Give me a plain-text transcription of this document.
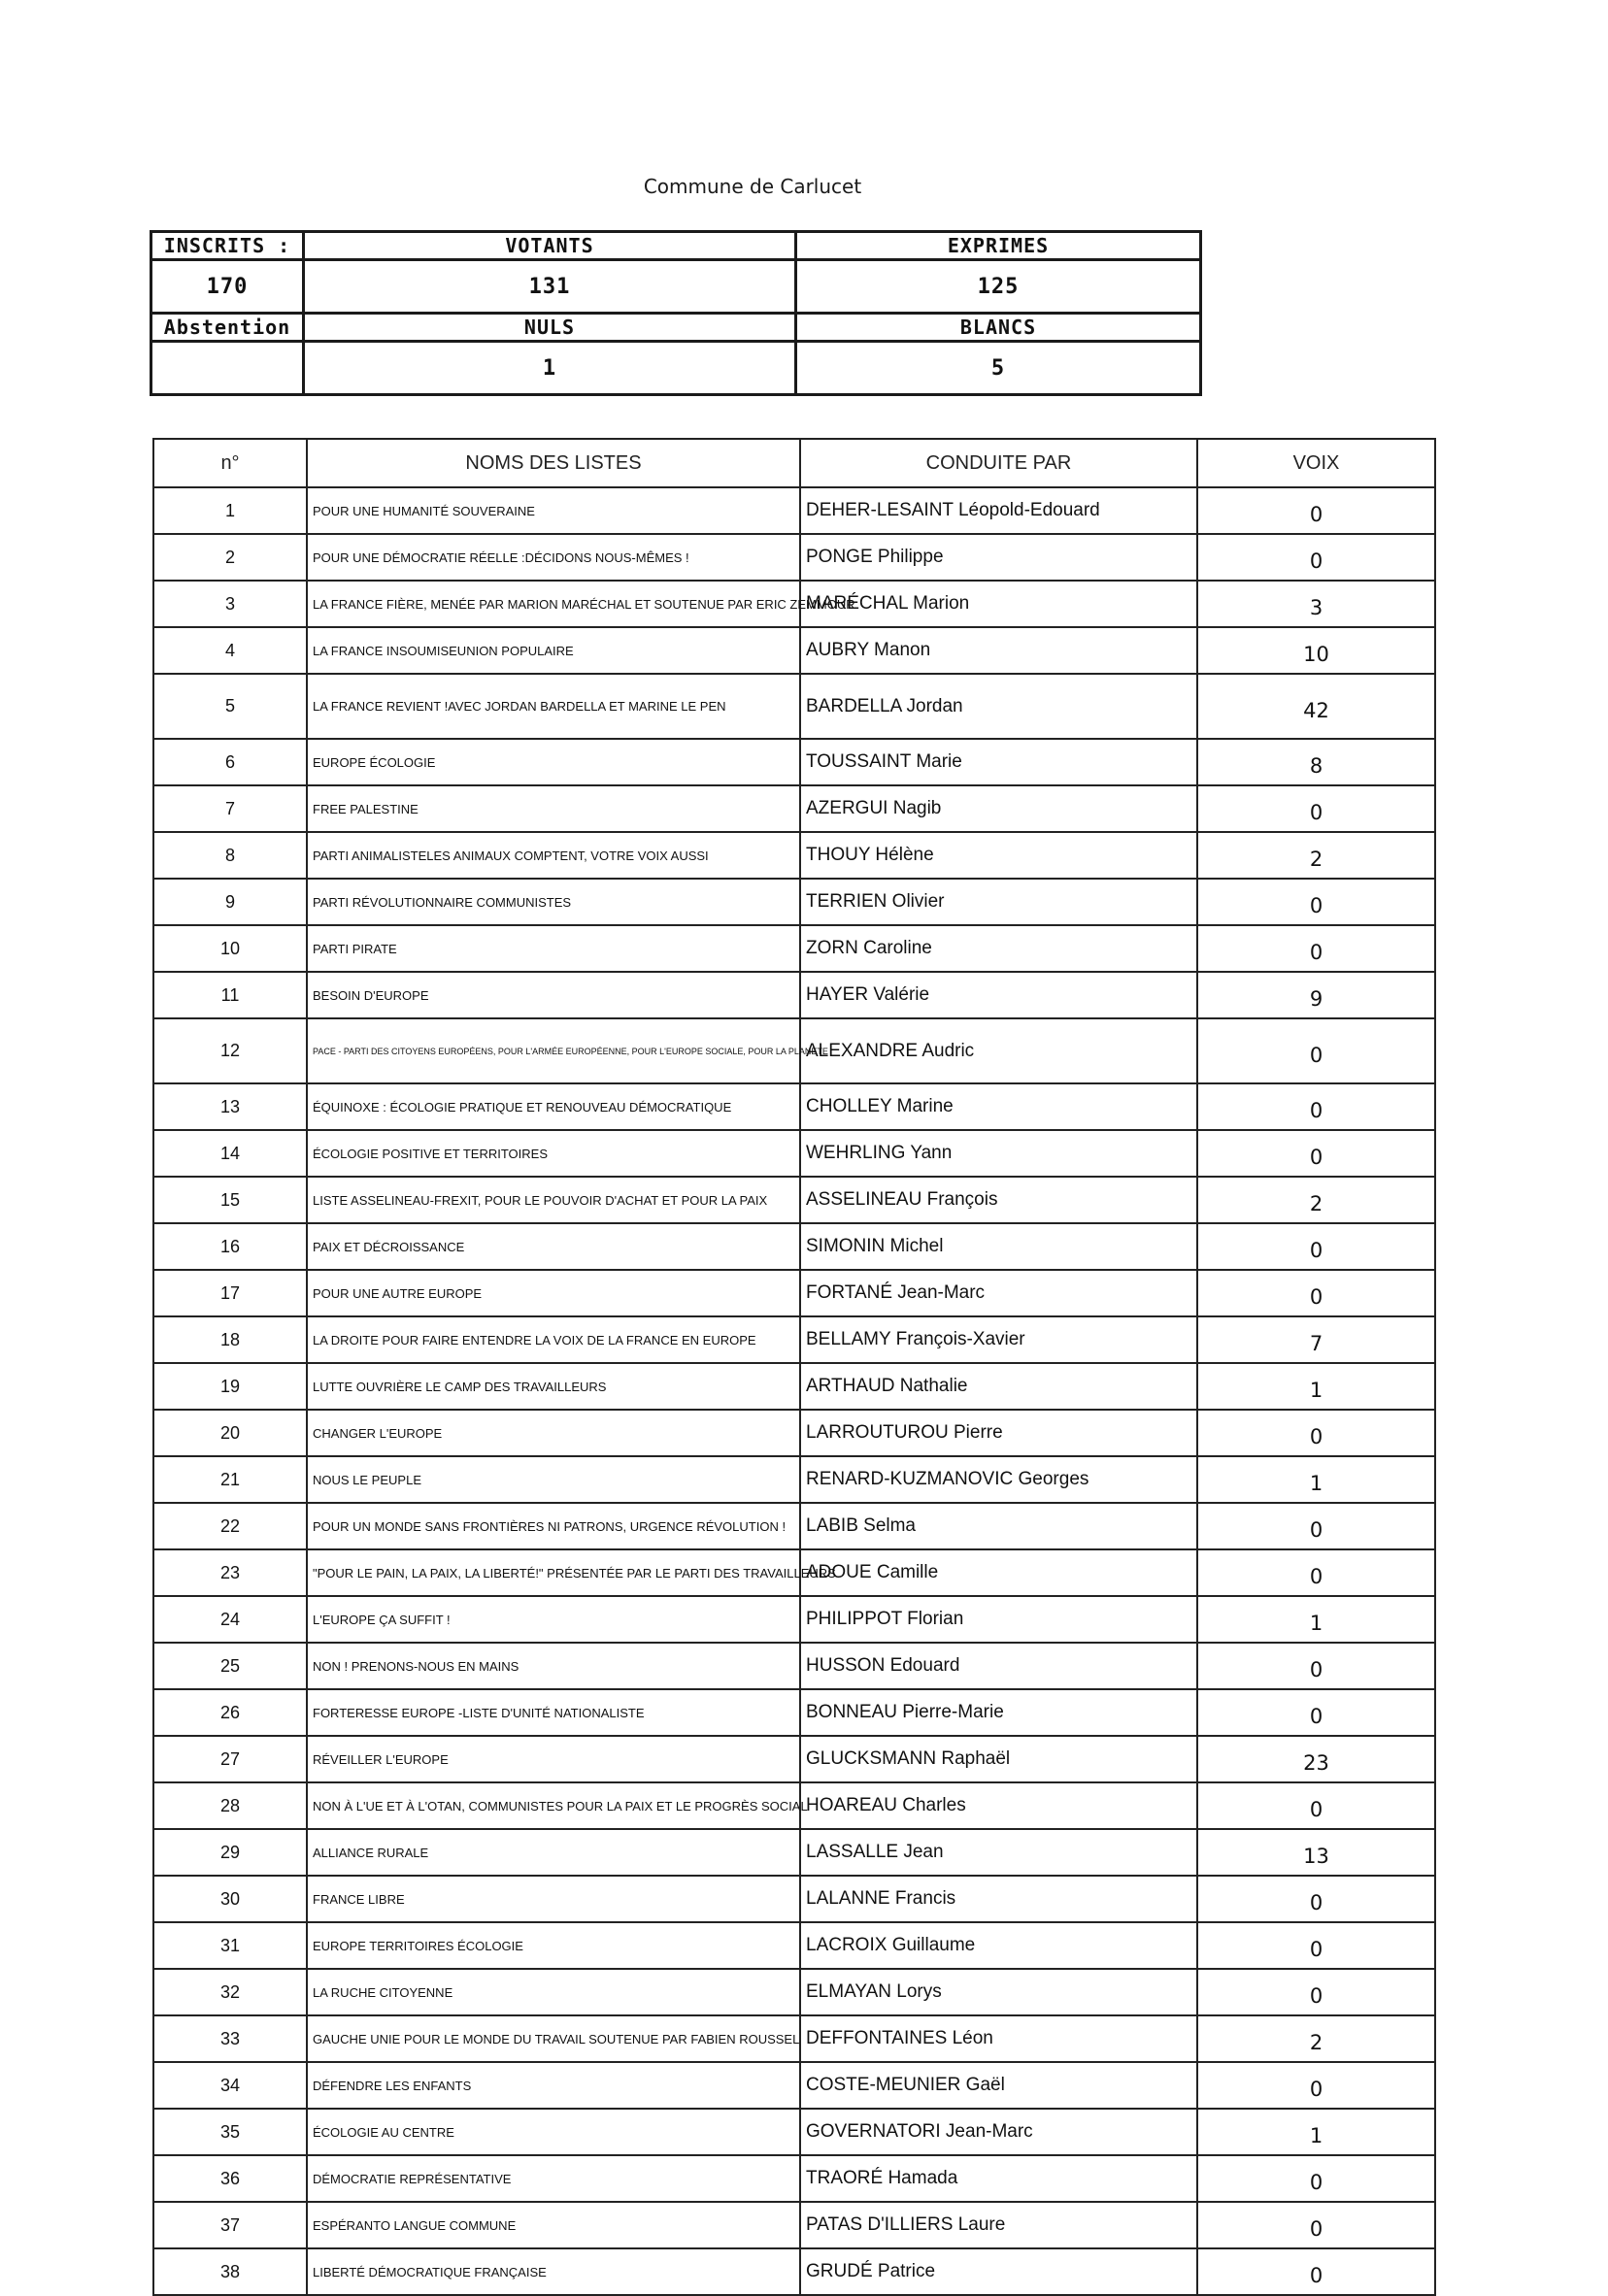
Commune de Carlucet
INSCRITS :	VOTANTS	EXPRIMES
170	131	125
Abstention	NULS	BLANCS
	1	5
n°	NOMS DES LISTES	CONDUITE PAR	VOIX
1	POUR UNE HUMANITÉ SOUVERAINE	DEHER-LESAINT Léopold-Edouard	0
2	POUR UNE DÉMOCRATIE RÉELLE :DÉCIDONS NOUS-MÊMES !	PONGE Philippe	0
3	LA FRANCE FIÈRE, MENÉE PAR MARION MARÉCHAL ET SOUTENUE PAR ERIC ZEMMOUR	MARÉCHAL Marion	3
4	LA FRANCE INSOUMISEUNION POPULAIRE	AUBRY Manon	10
5	LA FRANCE REVIENT !AVEC JORDAN BARDELLA ET MARINE LE PEN	BARDELLA Jordan	42
6	EUROPE ÉCOLOGIE	TOUSSAINT Marie	8
7	FREE PALESTINE	AZERGUI Nagib	0
8	PARTI ANIMALISTELES ANIMAUX COMPTENT, VOTRE VOIX AUSSI	THOUY Hélène	2
9	PARTI RÉVOLUTIONNAIRE COMMUNISTES	TERRIEN Olivier	0
10	PARTI PIRATE	ZORN Caroline	0
11	BESOIN D'EUROPE	HAYER Valérie	9
12	PACE - PARTI DES CITOYENS EUROPÉENS, POUR L'ARMÉE EUROPÉENNE, POUR L'EUROPE SOCIALE, POUR LA PLANÈTE	ALEXANDRE Audric	0
13	ÉQUINOXE : ÉCOLOGIE PRATIQUE ET RENOUVEAU DÉMOCRATIQUE	CHOLLEY Marine	0
14	ÉCOLOGIE POSITIVE ET TERRITOIRES	WEHRLING Yann	0
15	LISTE ASSELINEAU-FREXIT, POUR LE POUVOIR D'ACHAT ET POUR LA PAIX	ASSELINEAU François	2
16	PAIX ET DÉCROISSANCE	SIMONIN Michel	0
17	POUR UNE AUTRE EUROPE	FORTANÉ Jean-Marc	0
18	LA DROITE POUR FAIRE ENTENDRE LA VOIX DE LA FRANCE EN EUROPE	BELLAMY François-Xavier	7
19	LUTTE OUVRIÈRE LE CAMP DES TRAVAILLEURS	ARTHAUD Nathalie	1
20	CHANGER L'EUROPE	LARROUTUROU Pierre	0
21	NOUS LE PEUPLE	RENARD-KUZMANOVIC Georges	1
22	POUR UN MONDE SANS FRONTIÈRES NI PATRONS, URGENCE RÉVOLUTION !	LABIB Selma	0
23	"POUR LE PAIN, LA PAIX, LA LIBERTÉ!" PRÉSENTÉE PAR LE PARTI DES TRAVAILLEURS	ADOUE Camille	0
24	L'EUROPE ÇA SUFFIT !	PHILIPPOT Florian	1
25	NON ! PRENONS-NOUS EN MAINS	HUSSON Edouard	0
26	FORTERESSE EUROPE -LISTE D'UNITÉ NATIONALISTE	BONNEAU Pierre-Marie	0
27	RÉVEILLER L'EUROPE	GLUCKSMANN Raphaël	23
28	NON À L'UE ET À L'OTAN, COMMUNISTES POUR LA PAIX ET LE PROGRÈS SOCIAL	HOAREAU Charles	0
29	ALLIANCE RURALE	LASSALLE Jean	13
30	FRANCE LIBRE	LALANNE Francis	0
31	EUROPE TERRITOIRES ÉCOLOGIE	LACROIX Guillaume	0
32	LA RUCHE CITOYENNE	ELMAYAN Lorys	0
33	GAUCHE UNIE POUR LE MONDE DU TRAVAIL SOUTENUE PAR FABIEN ROUSSEL	DEFFONTAINES Léon	2
34	DÉFENDRE LES ENFANTS	COSTE-MEUNIER Gaël	0
35	ÉCOLOGIE AU CENTRE	GOVERNATORI Jean-Marc	1
36	DÉMOCRATIE REPRÉSENTATIVE	TRAORÉ Hamada	0
37	ESPÉRANTO LANGUE COMMUNE	PATAS D'ILLIERS Laure	0
38	LIBERTÉ DÉMOCRATIQUE FRANÇAISE	GRUDÉ Patrice	0
